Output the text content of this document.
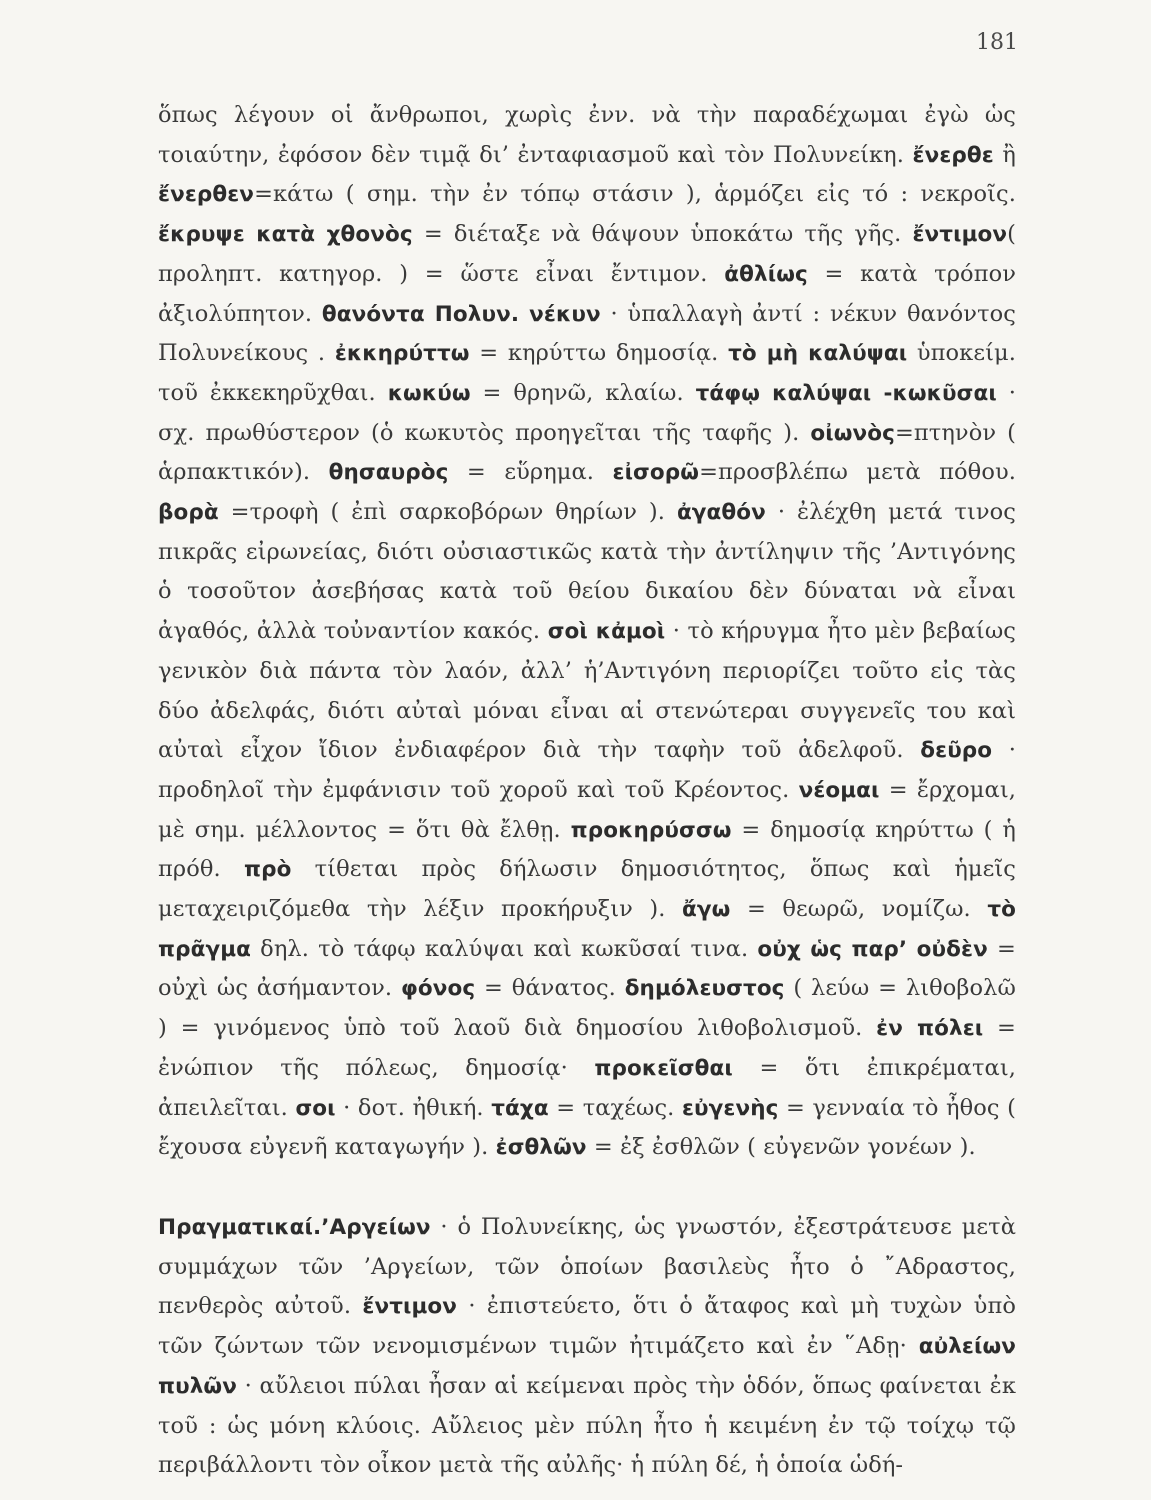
181

ὅπως λέγουν οἱ ἄνθρωποι, χωρὶς ἐνν. νὰ τὴν παραδέχωμαι ἐγὼ ὡς τοιαύτην, ἐφόσον δὲν τιμᾷ δι’ ἐνταφιασμοῦ καὶ τὸν Πολυνείκη. ἔνερθε ἢ ἔνερθεν=κάτω ( σημ. τὴν ἐν τόπῳ στάσιν ), ἁρμόζει εἰς τό : νεκροῖς. ἔκρυψε κατὰ χθονὸς = διέταξε νὰ θάψουν ὑποκάτω τῆς γῆς. ἔντιμον( προληπτ. κατηγορ. ) = ὥστε εἶναι ἔντιμον. ἀθλίως = κατὰ τρόπον ἀξιολύπητον. θανόντα Πολυν. νέκυν · ὑπαλλαγὴ ἀντί : νέκυν θανόντος Πολυνείκους . ἐκκηρύττω = κηρύττω δημοσίᾳ. τὸ μὴ καλύψαι ὑποκείμ. τοῦ ἐκκεκηρῦχθαι. κωκύω = θρηνῶ, κλαίω. τάφῳ καλύψαι -κωκῦσαι · σχ. πρωθύστερον (ὁ κωκυτὸς προηγεῖται τῆς ταφῆς ). οἰωνὸς=πτηνὸν ( ἁρπακτικόν). θησαυρὸς = εὕρημα. εἰσορῶ=προσβλέπω μετὰ πόθου. βορὰ =τροφὴ ( ἐπὶ σαρκοβόρων θηρίων ). ἀγαθόν · ἐλέχθη μετά τινος πικρᾶς εἰρωνείας, διότι οὐσιαστικῶς κατὰ τὴν ἀντίληψιν τῆς ’Αντιγόνης ὁ τοσοῦτον ἀσεβήσας κατὰ τοῦ θείου δικαίου δὲν δύναται νὰ εἶναι ἀγαθός, ἀλλὰ τοὐναντίον κακός. σοὶ κἀμοὶ · τὸ κήρυγμα ἦτο μὲν βεβαίως γενικὸν διὰ πάντα τὸν λαόν, ἀλλ’ ἡ’Αντιγόνη περιορίζει τοῦτο εἰς τὰς δύο ἀδελφάς, διότι αὐταὶ μόναι εἶναι αἱ στενώτεραι συγγενεῖς του καὶ αὐταὶ εἶχον ἴδιον ἐνδιαφέρον διὰ τὴν ταφὴν τοῦ ἀδελφοῦ. δεῦρο · προδηλοῖ τὴν ἐμφάνισιν τοῦ χοροῦ καὶ τοῦ Κρέοντος. νέομαι = ἔρχομαι, μὲ σημ. μέλλοντος = ὅτι θὰ ἔλθῃ. προκηρύσσω = δημοσίᾳ κηρύττω ( ἡ πρόθ. πρὸ τίθεται πρὸς δήλωσιν δημοσιότητος, ὅπως καὶ ἡμεῖς μεταχειριζόμεθα τὴν λέξιν προκήρυξιν ). ἄγω = θεωρῶ, νομίζω. τὸ πρᾶγμα δηλ. τὸ τάφῳ καλύψαι καὶ κωκῦσαί τινα. οὐχ ὡς παρ’ οὐδὲν = οὐχὶ ὡς ἀσήμαντον. φόνος = θάνατος. δημόλευστος ( λεύω = λιθοβολῶ ) = γινόμενος ὑπὸ τοῦ λαοῦ διὰ δημοσίου λιθοβολισμοῦ. ἐν πόλει = ἐνώπιον τῆς πόλεως, δημοσίᾳ· προκεῖσθαι = ὅτι ἐπικρέμαται, ἀπειλεῖται. σοι · δοτ. ἠθική. τάχα = ταχέως. εὐγενὴς = γενναία τὸ ἦθος ( ἔχουσα εὐγενῆ καταγωγήν ). ἐσθλῶν = ἐξ ἐσθλῶν ( εὐγενῶν γονέων ).

Πραγματικαί.’Αργείων · ὁ Πολυνείκης, ὡς γνωστόν, ἐξεστράτευσε μετὰ συμμάχων τῶν ’Αργείων, τῶν ὁποίων βασιλεὺς ἦτο ὁ ῎Αδραστος, πενθερὸς αὐτοῦ. ἔντιμον · ἐπιστεύετο, ὅτι ὁ ἄταφος καὶ μὴ τυχὼν ὑπὸ τῶν ζώντων τῶν νενομισμένων τιμῶν ἠτιμάζετο καὶ ἐν ῞Αδῃ· αὐλείων πυλῶν · αὔλειοι πύλαι ἦσαν αἱ κείμεναι πρὸς τὴν ὁδόν, ὅπως φαίνεται ἐκ τοῦ : ὡς μόνη κλύοις. Αὔλειος μὲν πύλη ἦτο ἡ κειμένη ἐν τῷ τοίχῳ τῷ περιβάλλοντι τὸν οἶκον μετὰ τῆς αὐλῆς· ἡ πύλη δέ, ἡ ὁποία ὡδή-
